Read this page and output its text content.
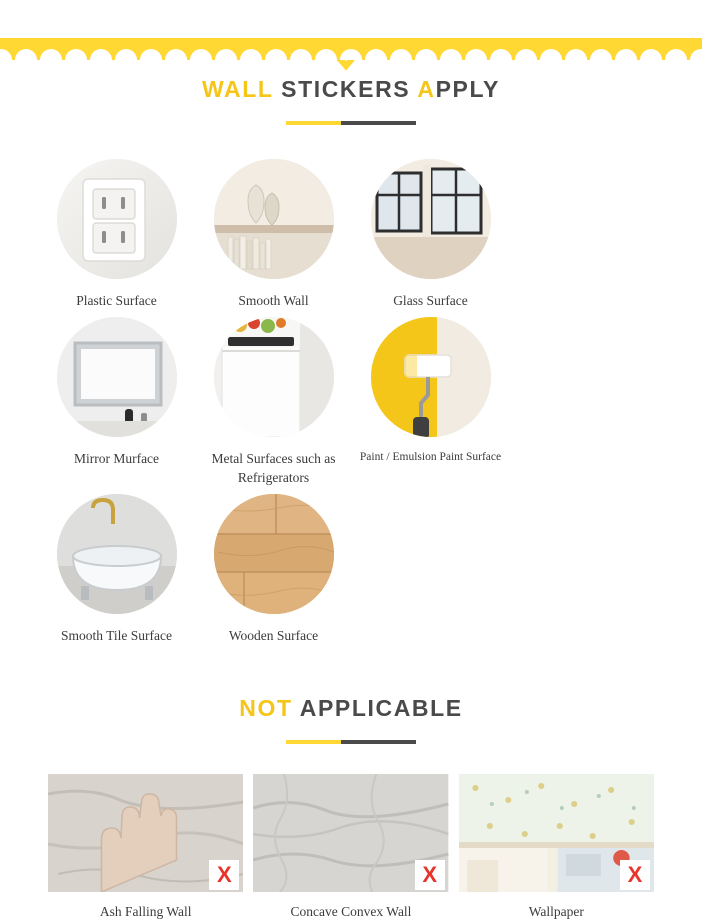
WALL STICKERS APPLY
Plastic Surface	Smooth Wall	Glass Surface
Mirror Murface	Metal Surfaces such as Refrigerators
Paint / Emulsion Paint Surface
Smooth Tile Surface	Wooden Surface
NOT APPLICABLE
X
Ash Falling Wall
X
Concave Convex Wall
X
Wallpaper
